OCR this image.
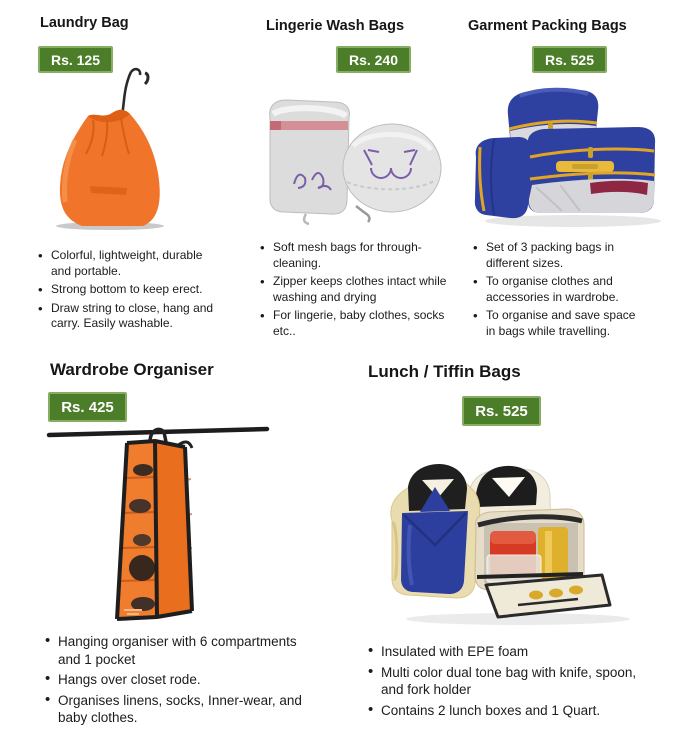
Laundry Bag
Rs. 125
• Colorful, lightweight, durable and portable.
• Strong bottom to keep erect.
• Draw string to close, hang and carry. Easily washable.
Lingerie Wash Bags
Rs. 240
• Soft mesh bags for through-cleaning.
• Zipper keeps clothes intact while washing and drying
• For lingerie, baby clothes, socks etc..
Garment Packing Bags
Rs. 525
• Set of 3 packing bags in different sizes.
• To organise clothes and accessories in wardrobe.
• To organise and save space in bags while travelling.
Wardrobe Organiser
Rs. 425
• Hanging organiser with 6 compartments and 1 pocket
• Hangs over closet rode.
• Organises linens, socks, Inner-wear, and baby clothes.
Lunch / Tiffin Bags
Rs. 525
• Insulated with EPE foam
• Multi color dual tone bag with knife, spoon, and fork holder
• Contains 2 lunch boxes and 1 Quart.
